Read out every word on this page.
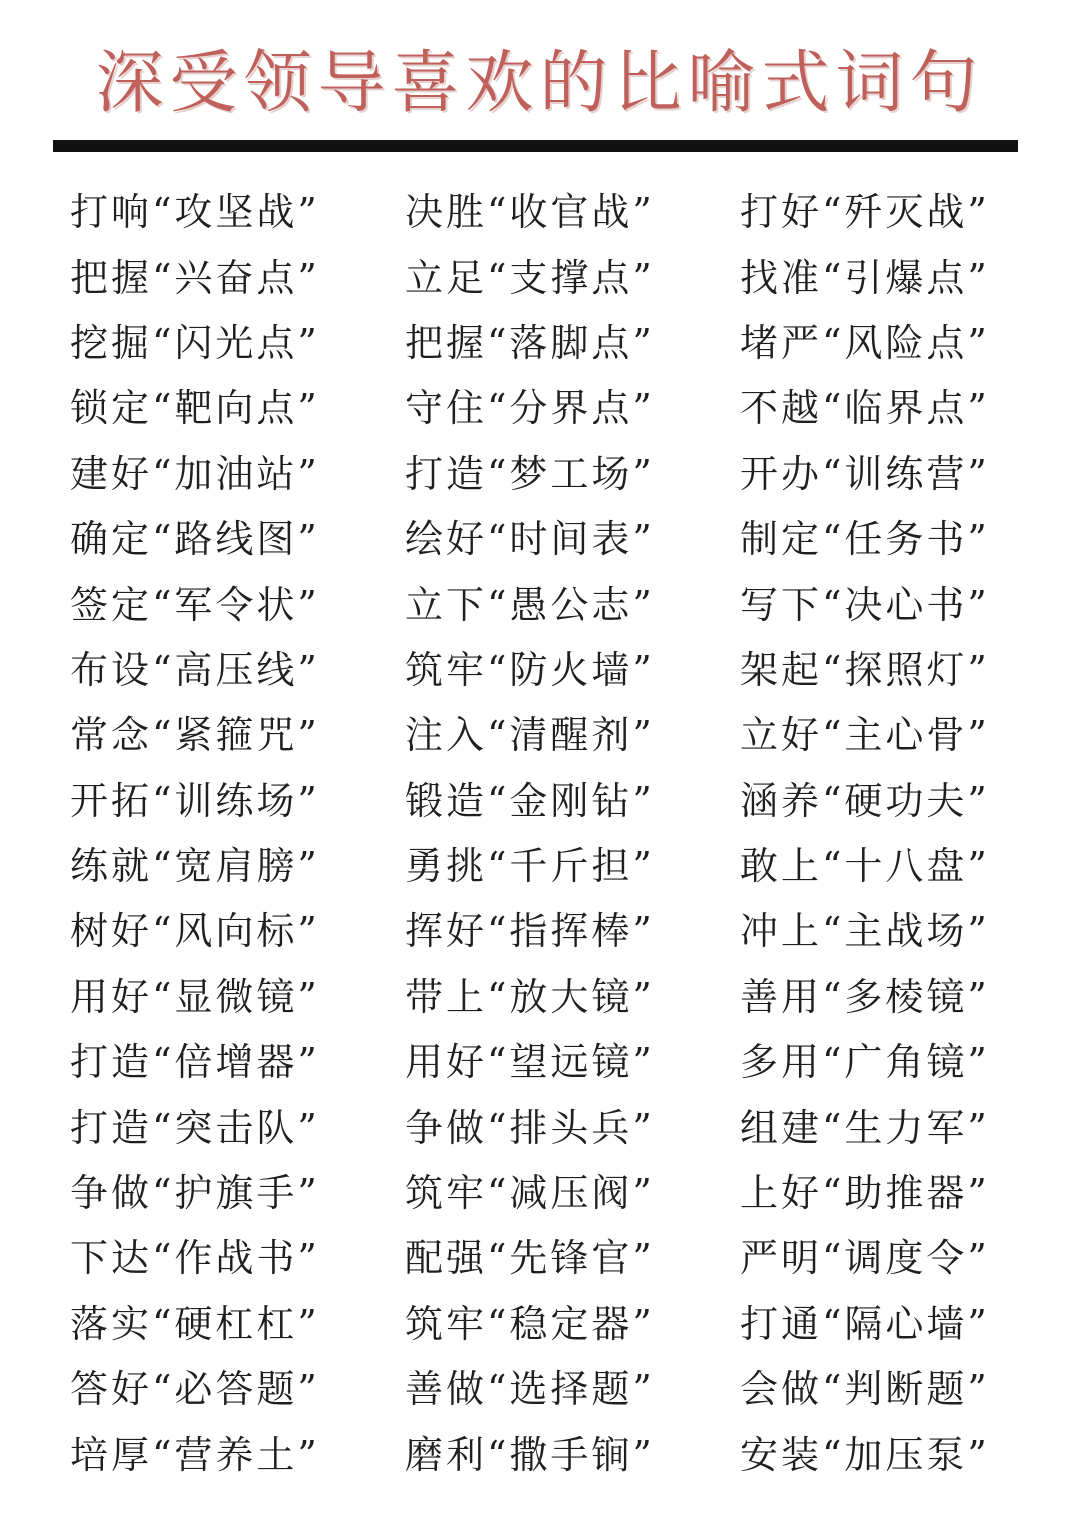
深受领导喜欢的比喻式词句
打响“攻坚战”	决胜“收官战”	打好“歼灭战”
把握“兴奋点”	立足“支撑点”	找准“引爆点”
挖掘“闪光点”	把握“落脚点”	堵严“风险点”
锁定“靶向点”	守住“分界点”	不越“临界点”
建好“加油站”	打造“梦工场”	开办“训练营”
确定“路线图”	绘好“时间表”	制定“任务书”
签定“军令状”	立下“愚公志”	写下“决心书”
布设“高压线”	筑牢“防火墙”	架起“探照灯”
常念“紧箍咒”	注入“清醒剂”	立好“主心骨”
开拓“训练场”	锻造“金刚钻”	涵养“硬功夫”
练就“宽肩膀”	勇挑“千斤担”	敢上“十八盘”
树好“风向标”	挥好“指挥棒”	冲上“主战场”
用好“显微镜”	带上“放大镜”	善用“多棱镜”
打造“倍增器”	用好“望远镜”	多用“广角镜”
打造“突击队”	争做“排头兵”	组建“生力军”
争做“护旗手”	筑牢“减压阀”	上好“助推器”
下达“作战书”	配强“先锋官”	严明“调度令”
落实“硬杠杠”	筑牢“稳定器”	打通“隔心墙”
答好“必答题”	善做“选择题”	会做“判断题”
培厚“营养土”	磨利“撒手锏”	安装“加压泵”
